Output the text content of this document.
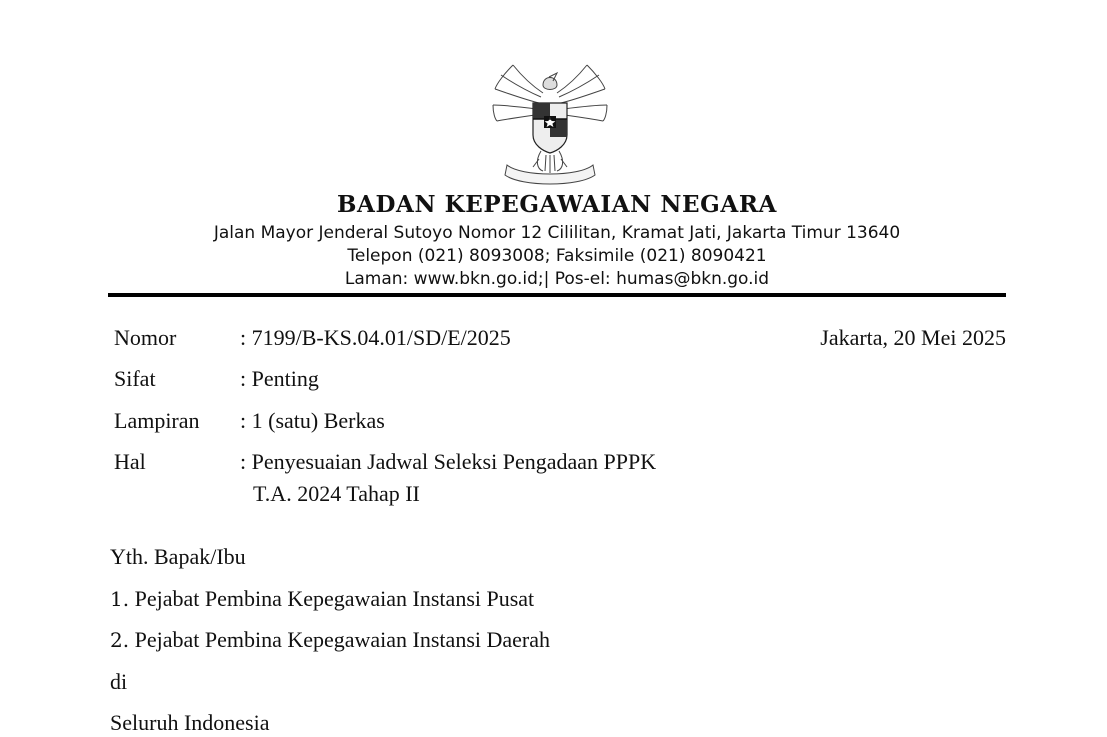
BADAN KEPEGAWAIAN NEGARA
Jalan Mayor Jenderal Sutoyo Nomor 12 Cililitan, Kramat Jati, Jakarta Timur 13640
Telepon (021) 8093008; Faksimile (021) 8090421
Laman: www.bkn.go.id;| Pos-el: humas@bkn.go.id
Jakarta, 20 Mei 2025
Nomor	: 7199/B-KS.04.01/SD/E/2025
Sifat	: Penting
Lampiran : 1 (satu) Berkas
Hal	: Penyesuaian Jadwal Seleksi Pengadaan PPPK
T.A. 2024 Tahap II
Yth. Bapak/Ibu
1. Pejabat Pembina Kepegawaian Instansi Pusat
2. Pejabat Pembina Kepegawaian Instansi Daerah
di
Seluruh Indonesia
